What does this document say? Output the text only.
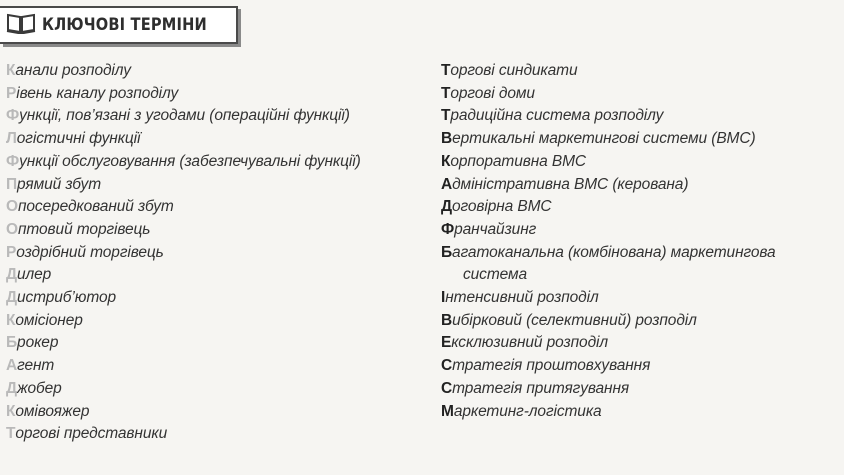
КЛЮЧОВІ ТЕРМІНИ
Канали розподілу
Рівень каналу розподілу
Функції, пов’язані з угодами (операційні функції)
Логістичні функції
Функції обслуговування (забезпечувальні функції)
Прямий збут
Опосередкований збут
Оптовий торгівець
Роздрібний торгівець
Дилер
Дистриб’ютор
Комісіонер
Брокер
Агент
Джобер
Комівояжер
Торгові представники
Торгові синдикати
Торгові доми
Традиційна система розподілу
Вертикальні маркетингові системи (ВМС)
Корпоративна ВМС
Адміністративна ВМС (керована)
Договірна ВМС
Франчайзинг
Багатоканальна (комбінована) маркетингова система
Інтенсивний розподіл
Вибірковий (селективний) розподіл
Ексклюзивний розподіл
Стратегія проштовхування
Стратегія притягування
Маркетинг-логістика
